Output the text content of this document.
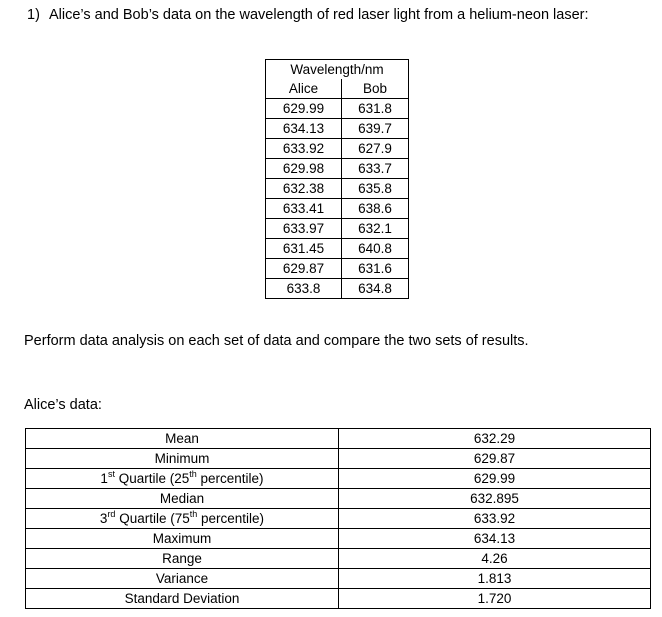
1) Alice’s and Bob’s data on the wavelength of red laser light from a helium-neon laser:
Wavelength/nm	
Alice	Bob
629.99	631.8
634.13	639.7
633.92	627.9
629.98	633.7
632.38	635.8
633.41	638.6
633.97	632.1
631.45	640.8
629.87	631.6
633.8	634.8
Perform data analysis on each set of data and compare the two sets of results.
Alice’s data:
Mean	632.29
Minimum	629.87
1st Quartile (25th percentile)	629.99
Median	632.895
3rd Quartile (75th percentile)	633.92
Maximum	634.13
Range	4.26
Variance	1.813
Standard Deviation	1.720
